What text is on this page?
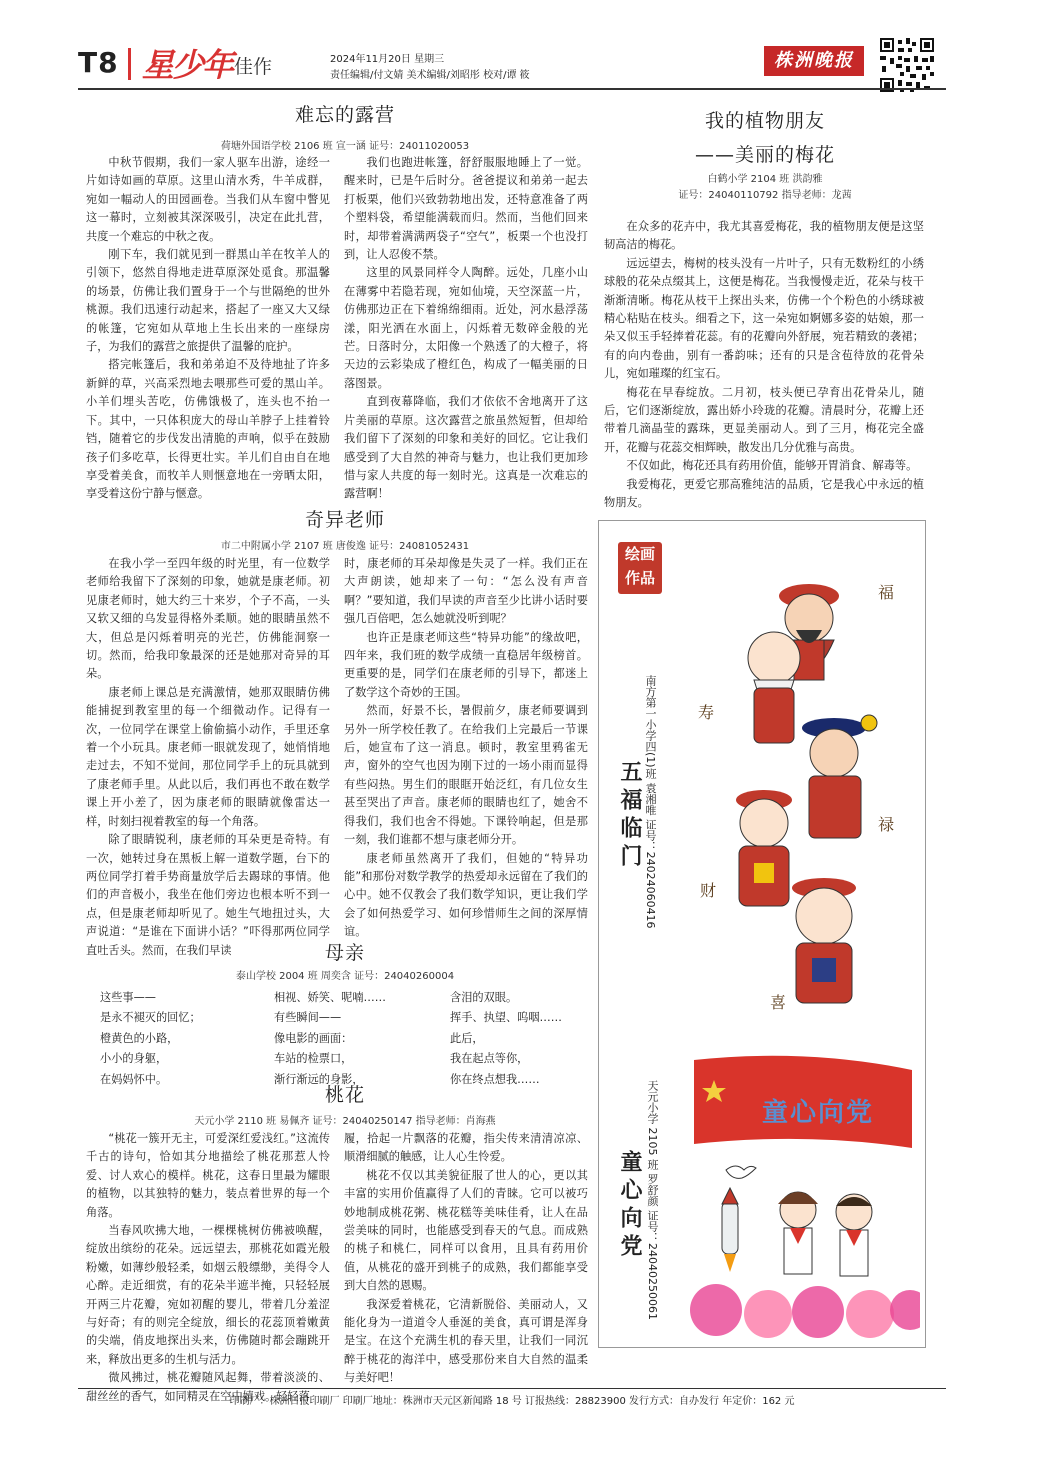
T8 星少年 佳作	2024年11月20日 星期三
责任编辑/付文婧 美术编辑/刘昭彤 校对/谭 筱
株洲晚报
难忘的露营
荷塘外国语学校 2106 班 宣一涵 证号：24011020053

中秋节假期，我们一家人驱车出游，途经一片如诗如画的草原。这里山清水秀，牛羊成群，宛如一幅动人的田园画卷。当我们从车窗中瞥见这一幕时，立刻被其深深吸引，决定在此扎营，共度一个难忘的中秋之夜。

刚下车，我们就见到一群黑山羊在牧羊人的引领下，悠然自得地走进草原深处觅食。那温馨的场景，仿佛让我们置身于一个与世隔绝的世外桃源。我们迅速行动起来，搭起了一座又大又绿的帐篷，它宛如从草地上生长出来的一座绿房子，为我们的露营之旅提供了温馨的庇护。

搭完帐篷后，我和弟弟迫不及待地扯了许多新鲜的草，兴高采烈地去喂那些可爱的黑山羊。小羊们埋头苦吃，仿佛饿极了，连头也不抬一下。其中，一只体积庞大的母山羊脖子上挂着铃铛，随着它的步伐发出清脆的声响，似乎在鼓励孩子们多吃草，长得更壮实。羊儿们自由自在地享受着美食，而牧羊人则惬意地在一旁晒太阳，享受着这份宁静与惬意。

我们也跑进帐篷，舒舒服服地睡上了一觉。醒来时，已是午后时分。爸爸提议和弟弟一起去打板栗，他们兴致勃勃地出发，还特意准备了两个塑料袋，希望能满载而归。然而，当他们回来时，却带着满满两袋子“空气”，板栗一个也没打到，让人忍俊不禁。

这里的风景同样令人陶醉。远处，几座小山在薄雾中若隐若现，宛如仙境，天空深蓝一片，仿佛那边正在下着绵绵细雨。近处，河水悬浮荡漾，阳光洒在水面上，闪烁着无数碎金般的光芒。日落时分，太阳像一个熟透了的大橙子，将天边的云彩染成了橙红色，构成了一幅美丽的日落图景。

直到夜幕降临，我们才依依不舍地离开了这片美丽的草原。这次露营之旅虽然短暂，但却给我们留下了深刻的印象和美好的回忆。它让我们感受到了大自然的神奇与魅力，也让我们更加珍惜与家人共度的每一刻时光。这真是一次难忘的露营啊！

我的植物朋友
——美丽的梅花
白鹤小学 2104 班 洪韵雅
证号：24040110792 指导老师：龙茜

在众多的花卉中，我尤其喜爱梅花，我的植物朋友便是这坚韧高洁的梅花。

远远望去，梅树的枝头没有一片叶子，只有无数粉红的小绣球般的花朵点缀其上，这便是梅花。当我慢慢走近，花朵与枝干渐渐清晰。梅花从枝干上探出头来，仿佛一个个粉色的小绣球被精心粘贴在枝头。细看之下，这一朵宛如婀娜多姿的姑娘，那一朵又似玉手轻捧着花蕊。有的花瓣向外舒展，宛若精致的袭裙；有的向内卷曲，别有一番韵味；还有的只是含苞待放的花骨朵儿，宛如璀璨的红宝石。

梅花在早春绽放。二月初，枝头便已孕育出花骨朵儿，随后，它们逐渐绽放，露出娇小玲珑的花瓣。清晨时分，花瓣上还带着几滴晶莹的露珠，更显美丽动人。到了三月，梅花完全盛开，花瓣与花蕊交相辉映，散发出几分优雅与高贵。

不仅如此，梅花还具有药用价值，能够开胃消食、解毒等。

我爱梅花，更爱它那高雅纯洁的品质，它是我心中永远的植物朋友。

奇异老师
市二中附属小学 2107 班 唐俊逸 证号：24081052431

在我小学一至四年级的时光里，有一位数学老师给我留下了深刻的印象，她就是康老师。初见康老师时，她大约三十来岁，个子不高，一头又软又细的乌发显得格外柔顺。她的眼睛虽然不大，但总是闪烁着明亮的光芒，仿佛能洞察一切。然而，给我印象最深的还是她那对奇异的耳朵。

康老师上课总是充满激情，她那双眼睛仿佛能捕捉到教室里的每一个细微动作。记得有一次，一位同学在课堂上偷偷搞小动作，手里还拿着一个小玩具。康老师一眼就发现了，她悄悄地走过去，不知不觉间，那位同学手上的玩具就到了康老师手里。从此以后，我们再也不敢在数学课上开小差了，因为康老师的眼睛就像雷达一样，时刻扫视着教室的每一个角落。

除了眼睛锐利，康老师的耳朵更是奇特。有一次，她转过身在黑板上解一道数学题，台下的两位同学打着手势商量放学后去踢球的事情。他们的声音极小，我坐在他们旁边也根本听不到一点，但是康老师却听见了。她生气地扭过头，大声说道：“是谁在下面讲小话？”吓得那两位同学直吐舌头。然而，在我们早读

时，康老师的耳朵却像是失灵了一样。我们正在大声朗读，她却来了一句：“怎么没有声音啊？”要知道，我们早读的声音至少比讲小话时要强几百倍吧，怎么她就没听到呢？

也许正是康老师这些“特异功能”的缘故吧，四年来，我们班的数学成绩一直稳居年级榜首。更重要的是，同学们在康老师的引导下，都迷上了数学这个奇妙的王国。

然而，好景不长，暑假前夕，康老师要调到另外一所学校任教了。在给我们上完最后一节课后，她宣布了这一消息。顿时，教室里鸦雀无声，窗外的空气也因为刚下过的一场小雨而显得有些闷热。男生们的眼眶开始泛红，有几位女生甚至哭出了声音。康老师的眼睛也红了，她舍不得我们，我们也舍不得她。下课铃响起，但是那一刻，我们谁都不想与康老师分开。

康老师虽然离开了我们，但她的“特异功能”和那份对数学教学的热爱却永远留在了我们的心中。她不仅教会了我们数学知识，更让我们学会了如何热爱学习、如何珍惜师生之间的深厚情谊。

母亲
泰山学校 2004 班 周奕含 证号：24040260004
这些事——
是永不褪灭的回忆；
橙黄色的小路，
小小的身躯，
在妈妈怀中。
相视、娇笑、呢喃……
有些瞬间——
像电影的画面：
车站的检票口，
渐行渐远的身影，
含泪的双眼。
挥手、执望、呜咽……
此后，
我在起点等你，
你在终点想我……
桃花
天元小学 2110 班 易佩齐 证号：24040250147 指导老师：肖海燕

“桃花一簇开无主，可爱深红爱浅红。”这流传千古的诗句，恰如其分地描绘了桃花那惹人怜爱、讨人欢心的模样。桃花，这春日里最为耀眼的植物，以其独特的魅力，装点着世界的每一个角落。

当春风吹拂大地，一棵棵桃树仿佛被唤醒，绽放出缤纷的花朵。远远望去，那桃花如霞光般粉嫩，如薄纱般轻柔，如烟云般缥缈，美得令人心醉。走近细赏，有的花朵半遮半掩，只轻轻展开两三片花瓣，宛如初醒的婴儿，带着几分羞涩与好奇；有的则完全绽放，细长的花蕊顶着嫩黄的尖端，俏皮地探出头来，仿佛随时都会蹦跳开来，释放出更多的生机与活力。

微风拂过，桃花瓣随风起舞，带着淡淡的、甜丝丝的香气，如同精灵在空中嬉戏。轻轻落

履，拾起一片飘落的花瓣，指尖传来清清凉凉、顺滑细腻的触感，让人心生怜爱。

桃花不仅以其美貌征服了世人的心，更以其丰富的实用价值赢得了人们的青睐。它可以被巧妙地制成桃花粥、桃花糕等美味佳肴，让人在品尝美味的同时，也能感受到春天的气息。而成熟的桃子和桃仁，同样可以食用，且具有药用价值，从桃花的盛开到桃子的成熟，我们都能享受到大自然的恩赐。

我深爱着桃花，它清新脱俗、美丽动人，又能化身为一道道令人垂涎的美食，真可谓是浑身是宝。在这个充满生机的春天里，让我们一同沉醉于桃花的海洋中，感受那份来自大自然的温柔与美好吧！

绘画
作品
南方第一小学四(1)班 袁湘唯 证号：24024060416
五福临门
福
寿
禄
财
喜
天元小学 2105 班 罗舒颜 证号：24040250061
童心向党
童心向党
印刷厂：株洲日报印刷厂 印刷厂地址：株洲市天元区新闻路 18 号 订报热线：28823900 发行方式：自办发行 年定价：162 元
